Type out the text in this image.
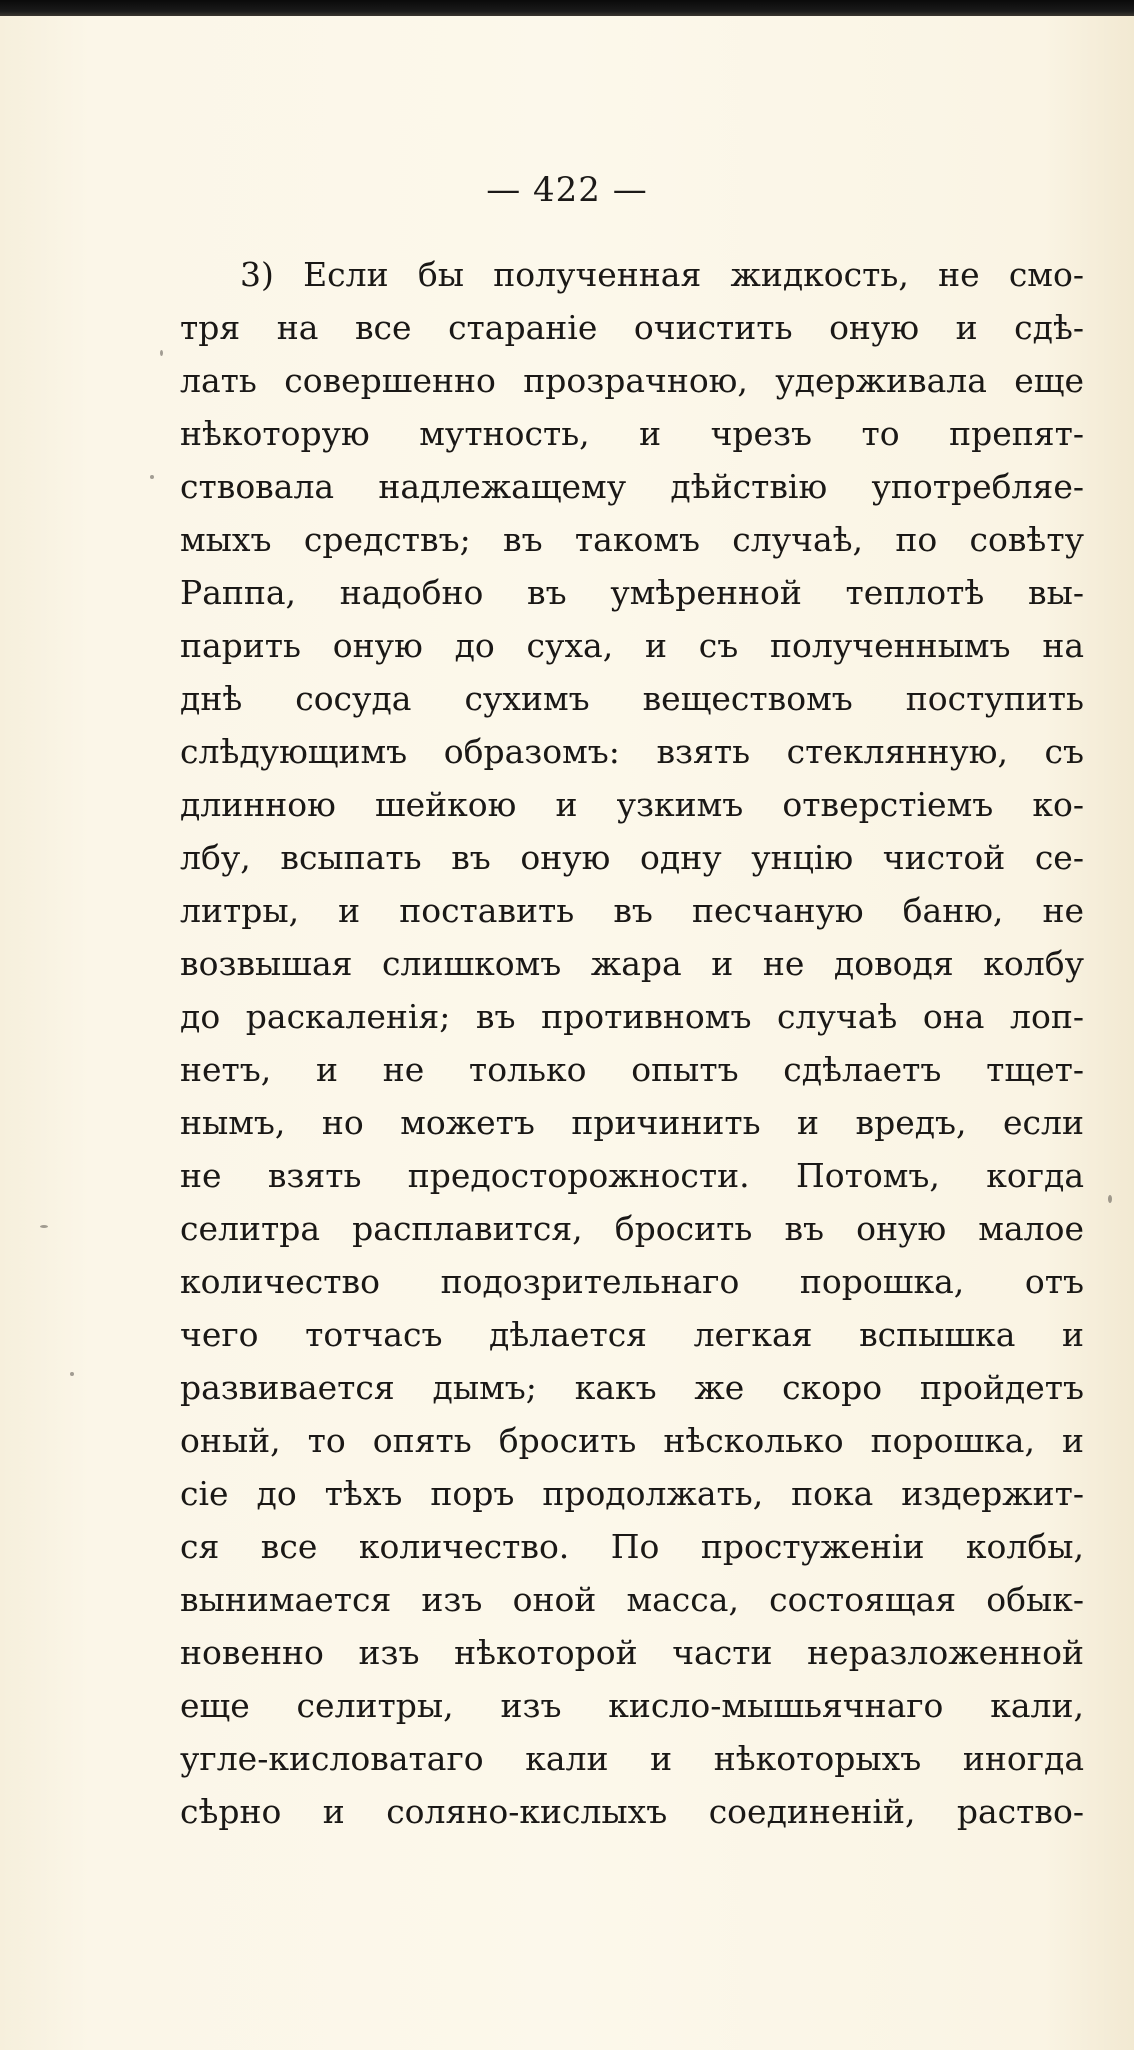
— 422 —
3) Если бы полученная жидкость, не смо-
тря на все стараніе очистить оную и сдѣ-
лать совершенно прозрачною, удерживала еще
нѣкоторую мутность, и чрезъ то препят-
ствовала надлежащему дѣйствію употребляе-
мыхъ средствъ; въ такомъ случаѣ, по совѣту
Раппа, надобно въ умѣренной теплотѣ вы-
парить оную до суха, и съ полученнымъ на
днѣ сосуда сухимъ веществомъ поступить
слѣдующимъ образомъ: взять стеклянную, съ
длинною шейкою и узкимъ отверстіемъ ко-
лбу, всыпать въ оную одну унцію чистой се-
литры, и поставить въ песчаную баню, не
возвышая слишкомъ жара и не доводя колбу
до раскаленія; въ противномъ случаѣ она лоп-
нетъ, и не только опытъ сдѣлаетъ тщет-
нымъ, но можетъ причинить и вредъ, если
не взять предосторожности. Потомъ, когда
селитра расплавится, бросить въ оную малое
количество подозрительнаго порошка, отъ
чего тотчасъ дѣлается легкая вспышка и
развивается дымъ; какъ же скоро пройдетъ
оный, то опять бросить нѣсколько порошка, и
сіе до тѣхъ поръ продолжать, пока издержит-
ся все количество. По простуженіи колбы,
вынимается изъ оной масса, состоящая обык-
новенно изъ нѣкоторой части неразложенной
еще селитры, изъ кисло-мышьячнаго кали,
угле-кисловатаго кали и нѣкоторыхъ иногда
сѣрно и соляно-кислыхъ соединеній, раство-
